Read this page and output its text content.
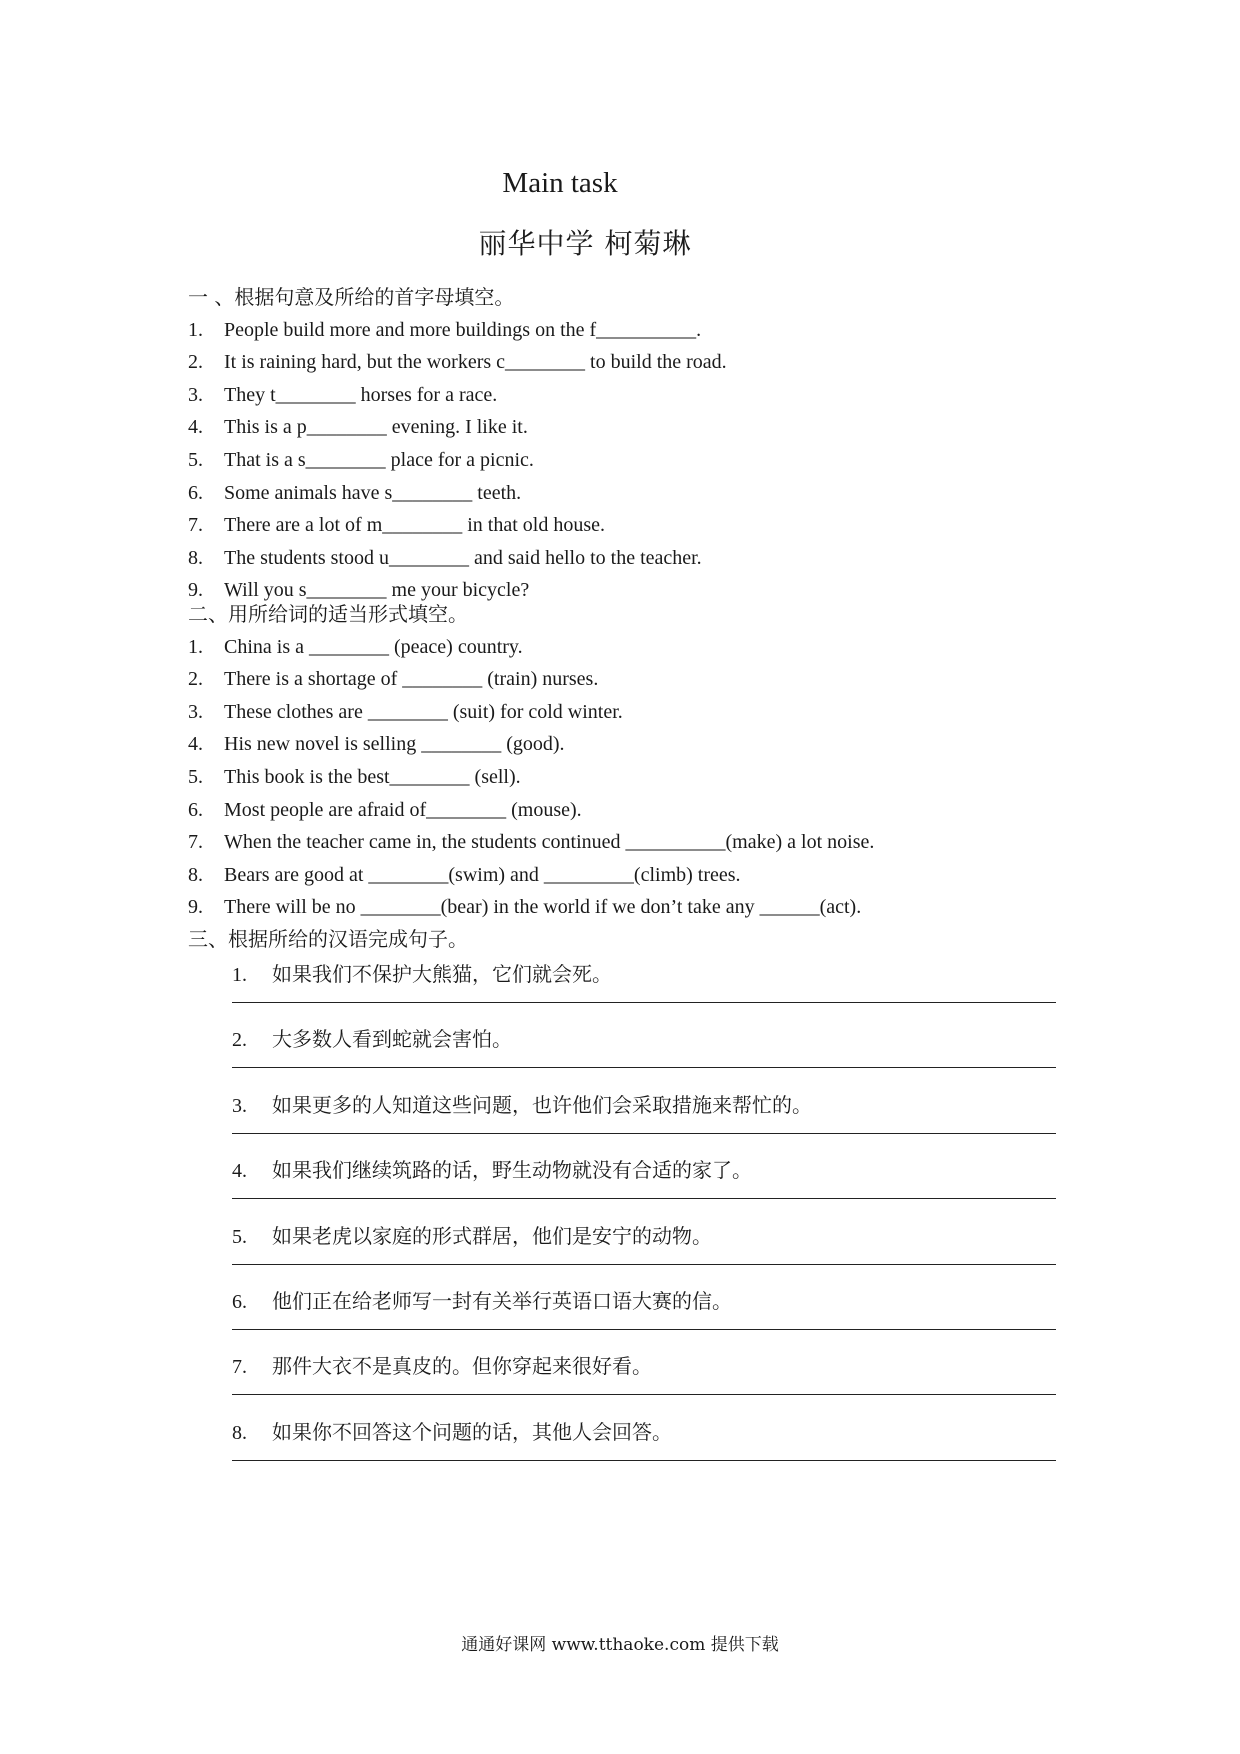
Main task
丽华中学 柯菊琳
一 、根据句意及所给的首字母填空。
1. People build more and more buildings on the f__________.
2. It is raining hard, but the workers c________ to build the road.
3. They t________ horses for a race.
4. This is a p________ evening. I like it.
5. That is a s________ place for a picnic.
6. Some animals have s________ teeth.
7. There are a lot of m________ in that old house.
8. The students stood u________ and said hello to the teacher.
9. Will you s________ me your bicycle?
二、用所给词的适当形式填空。
1. China is a ________ (peace) country.
2. There is a shortage of ________ (train) nurses.
3. These clothes are ________ (suit) for cold winter.
4. His new novel is selling ________ (good).
5. This book is the best________ (sell).
6. Most people are afraid of________ (mouse).
7. When the teacher came in, the students continued __________(make) a lot noise.
8. Bears are good at ________(swim) and _________(climb) trees.
9. There will be no ________(bear) in the world if we don’t take any ______(act).
三、根据所给的汉语完成句子。
1. 如果我们不保护大熊猫，它们就会死。
2. 大多数人看到蛇就会害怕。
3. 如果更多的人知道这些问题，也许他们会采取措施来帮忙的。
4. 如果我们继续筑路的话，野生动物就没有合适的家了。
5. 如果老虎以家庭的形式群居，他们是安宁的动物。
6. 他们正在给老师写一封有关举行英语口语大赛的信。
7. 那件大衣不是真皮的。但你穿起来很好看。
8. 如果你不回答这个问题的话，其他人会回答。
通通好课网 www.tthaoke.com 提供下载
